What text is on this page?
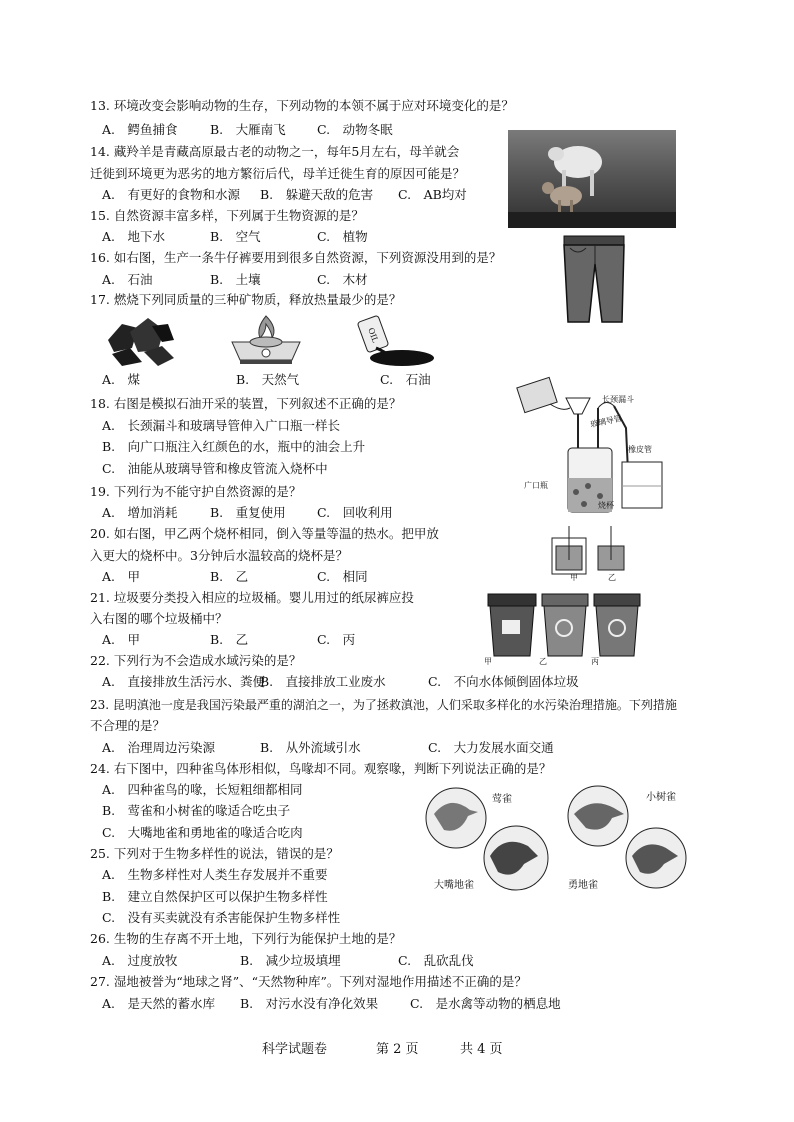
13. 环境改变会影响动物的生存，下列动物的本领不属于应对环境变化的是？
A.　鳄鱼捕食	B.　大雁南飞	C.　动物冬眠
14. 藏羚羊是青藏高原最古老的动物之一，每年5月左右，母羊就会
迁徙到环境更为恶劣的地方繁衍后代，母羊迁徙生育的原因可能是？
A.　有更好的食物和水源 B.　躲避天敌的危害 C.　AB均对
15. 自然资源丰富多样，下列属于生物资源的是？
A.　地下水	B.　空气	C.　植物
16. 如右图，生产一条牛仔裤要用到很多自然资源，下列资源没用到的是？
A.　石油	B.　土壤	C.　木材
17. 燃烧下列同质量的三种矿物质，释放热量最少的是？
OIL
A.　煤	B.　天然气	C.　石油
18. 右图是模拟石油开采的装置，下列叙述不正确的是？
A.　长颈漏斗和玻璃导管伸入广口瓶一样长
B.　向广口瓶注入红颜色的水，瓶中的油会上升
C.　油能从玻璃导管和橡皮管流入烧杯中
长颈漏斗
玻璃导管
橡皮管
广口瓶
烧杯
19. 下列行为不能守护自然资源的是？
A.　增加消耗	B.　重复使用	C.　回收利用
20. 如右图，甲乙两个烧杯相同，倒入等量等温的热水。把甲放
入更大的烧杯中。3分钟后水温较高的烧杯是？
A.　甲	B.　乙	C.　相同	甲	乙
21. 垃圾要分类投入相应的垃圾桶。婴儿用过的纸尿裤应投
入右图的哪个垃圾桶中？
A.　甲	B.　乙	C.　丙
甲	乙	丙
22. 下列行为不会造成水域污染的是？
A.　直接排放生活污水、粪便
B.　直接排放工业废水	C.　不向水体倾倒固体垃圾
23. 昆明滇池一度是我国污染最严重的湖泊之一，为了拯救滇池，人们采取多样化的水污染治理措施。下列措施
不合理的是？
A.　治理周边污染源	B.　从外流域引水	C.　大力发展水面交通
24. 右下图中，四种雀鸟体形相似，鸟喙却不同。观察喙，判断下列说法正确的是？
A.　四种雀鸟的喙，长短粗细都相同
B.　莺雀和小树雀的喙适合吃虫子
C.　大嘴地雀和勇地雀的喙适合吃肉
莺雀	小树雀
大嘴地雀	勇地雀
25. 下列对于生物多样性的说法，错误的是？
A.　生物多样性对人类生存发展并不重要
B.　建立自然保护区可以保护生物多样性
C.　没有买卖就没有杀害能保护生物多样性
26. 生物的生存离不开土地，下列行为能保护土地的是？
A.　过度放牧	B.　减少垃圾填埋	C.　乱砍乱伐
27. 湿地被誉为“地球之肾”、“天然物种库”。下列对湿地作用描述不正确的是？
A.　是天然的蓄水库 B.　对污水没有净化效果	C.　是水禽等动物的栖息地
科学试题卷	第 2 页	共 4 页
